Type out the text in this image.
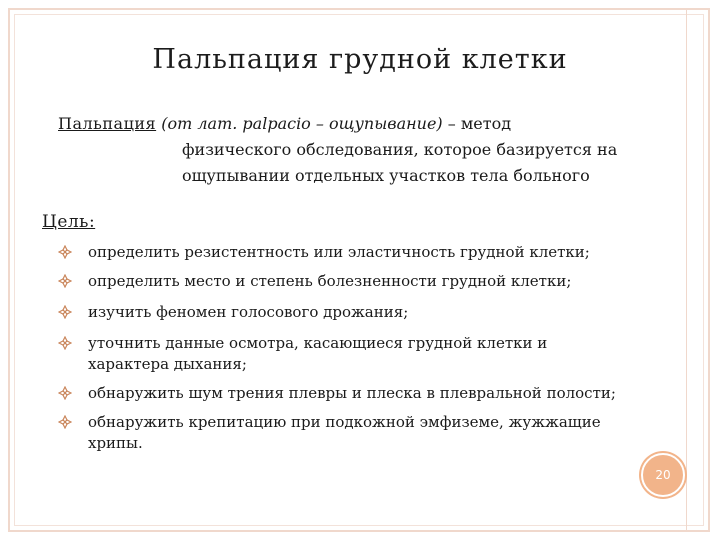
Пальпация грудной клетки
Пальпация (от лат. palpacio – ощупывание) – метод
физического обследования, которое базируется на ощупывании отдельных участков тела больного
Цель:
определить резистентность или эластичность грудной клетки;
определить место и степень болезненности грудной клетки;
изучить феномен голосового дрожания;
уточнить данные осмотра, касающиеся грудной клетки и характера дыхания;
обнаружить шум трения плевры и плеска в плевральной полости;
обнаружить крепитацию при подкожной эмфиземе, жужжащие хрипы.
20
